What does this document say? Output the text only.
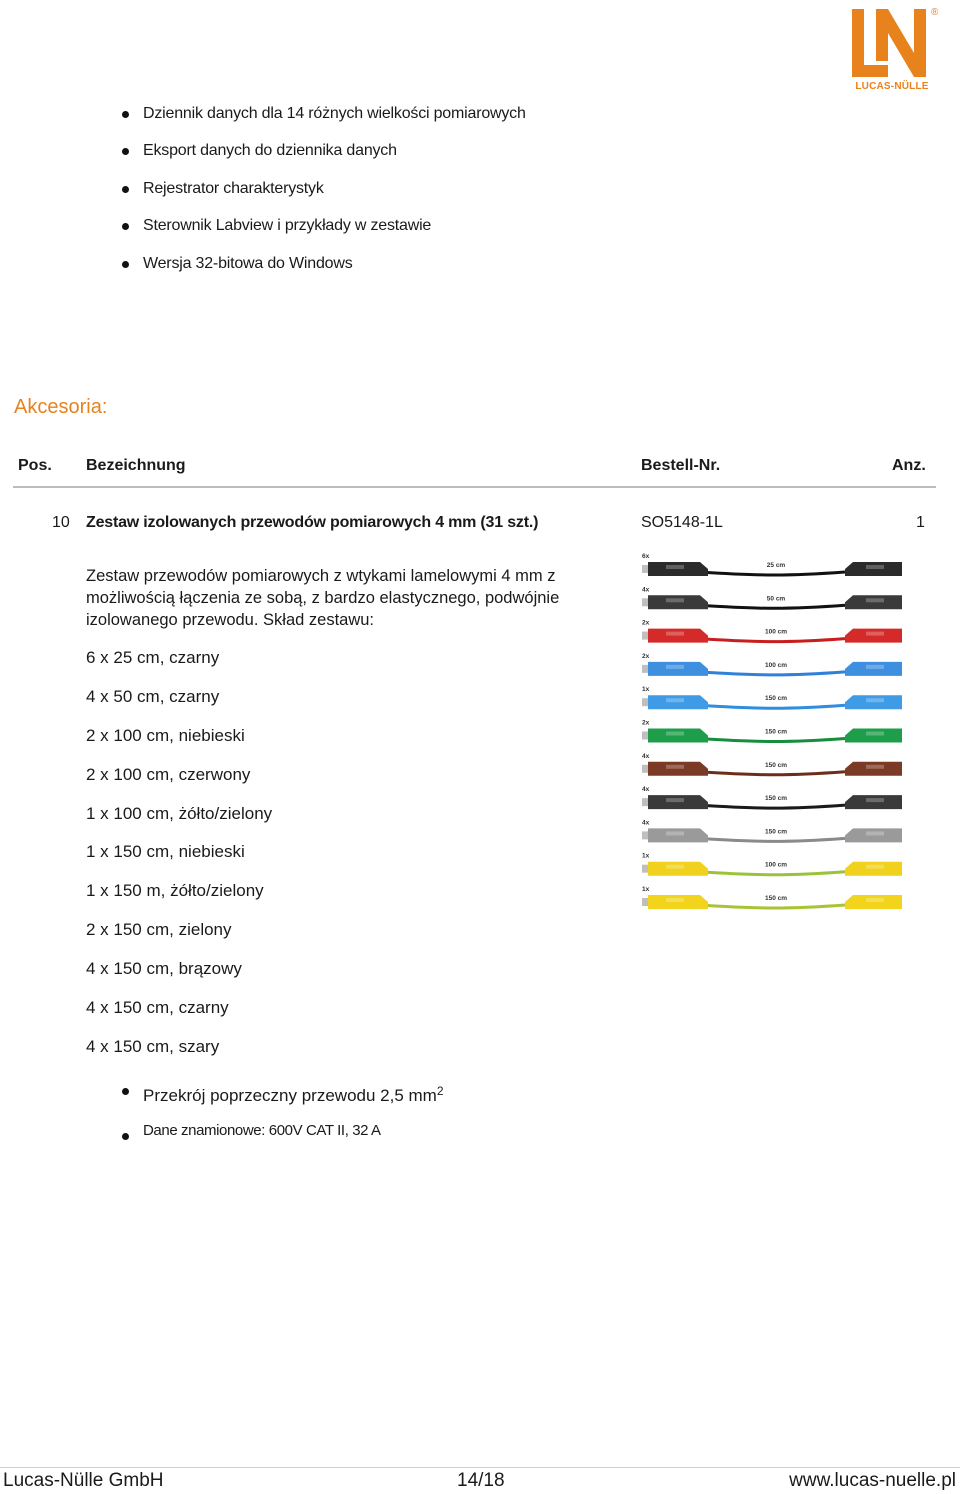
®
LUCAS-NÜLLE
Dziennik danych dla 14 różnych wielkości pomiarowych
Eksport danych do dziennika danych
Rejestrator charakterystyk
Sterownik Labview i przykłady w zestawie
Wersja 32-bitowa do Windows
Akcesoria:
Pos. Bezeichnung	Bestell-Nr.	Anz.
10 Zestaw izolowanych przewodów pomiarowych 4 mm (31 szt.)	SO5148-1L	1
Zestaw przewodów pomiarowych z wtykami lamelowymi 4 mm z możliwością łączenia ze sobą, z bardzo elastycznego, podwójnie izolowanego przewodu. Skład zestawu:
6 x 25 cm, czarny
4 x 50 cm, czarny
2 x 100 cm, niebieski
2 x 100 cm, czerwony
1 x 100 cm, żółto/zielony
1 x 150 cm, niebieski
1 x 150 m, żółto/zielony
2 x 150 cm, zielony
4 x 150 cm, brązowy
4 x 150 cm, czarny
4 x 150 cm, szary
Przekrój poprzeczny przewodu 2,5 $mm^2$
Dane znamionowe: 600V CAT II, 32 A
6x
25 cm
4x
50 cm
2x
100 cm
2x
100 cm
1x
150 cm
2x
150 cm
4x
150 cm
4x
150 cm
4x
150 cm
1x
100 cm
1x
150 cm
Lucas-Nülle GmbH	14/18	www.lucas-nuelle.pl
